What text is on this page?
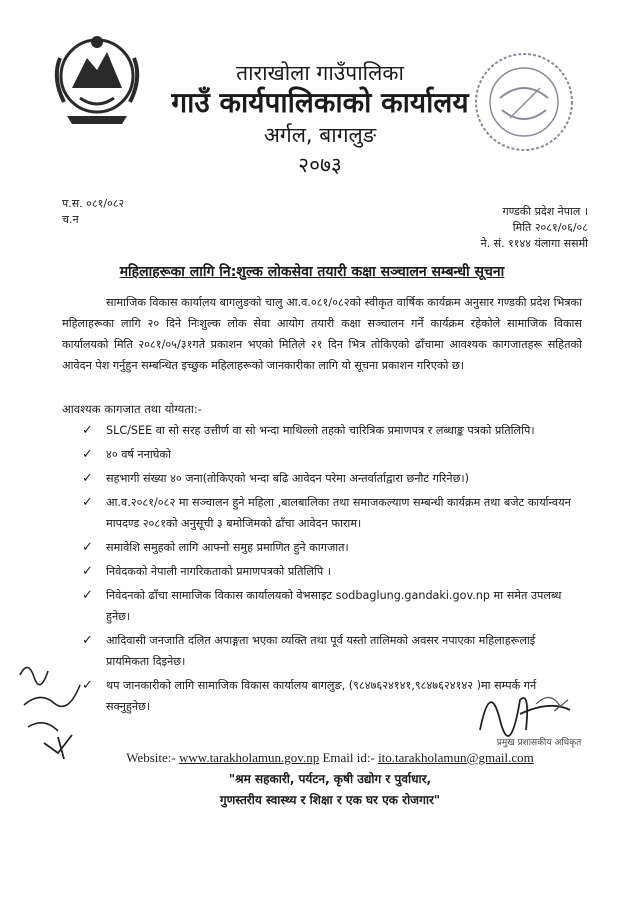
ताराखोला गाउँपालिका
गाउँ कार्यपालिकाको कार्यालय
अर्गल, बागलुङ
२०७३
प.स. ०८१/०८२
च.न
गण्डकी प्रदेश नेपाल ।
मिति २०८१/०६/०८
ने. सं. ११४४ यंलागा ससमी
महिलाहरूका लागि नि:शुल्क लोकसेवा तयारी कक्षा सञ्चालन सम्बन्धी सूचना
सामाजिक विकास कार्यालय बागलुङको चालु आ.व.०८१/०८२को स्वीकृत वार्षिक कार्यक्रम अनुसार गण्डकी प्रदेश भित्रका महिलाहरूका लागि २० दिने निःशुल्क लोक सेवा आयोग तयारी कक्षा सञ्चालन गर्ने कार्यक्रम रहेकोले सामाजिक विकास कार्यालयको मिति २०८१/०५/३१गते प्रकाशन भएको मितिले २१ दिन भित्र तोकिएको ढाँचामा आवश्यक कागजातहरू सहितको आवेदन पेश गर्नुहुन सम्बन्धित इच्छुक महिलाहरूको जानकारीका लागि यो सूचना प्रकाशन गरिएको छ।
आवश्यक कागजात तथा योग्यता:-
✓ SLC/SEE वा सो सरह उत्तीर्ण वा सो भन्दा माथिल्लो तहको चारित्रिक प्रमाणपत्र र लब्धाङ्क पत्रको प्रतिलिपि।
✓ ४० वर्ष ननाघेको
✓ सहभागी संख्या ४० जना(तोकिएको भन्दा बढि आवेदन परेमा अन्तर्वार्ताद्वारा छनौट गरिनेछ।)
✓ आ.व.२०८१/०८२ मा सञ्चालन हुने महिला ,बालबालिका तथा समाजकल्याण सम्बन्धी कार्यक्रम तथा बजेट कार्यान्वयन मापदण्ड २०८१को अनुसूची ३ बमोजिमको ढाँचा आवेदन फाराम।
✓ समावेशि समुहको लागि आफ्नो समुह प्रमाणित हुने कागजात।
✓ निवेदकको नेपाली नागरिकताको प्रमाणपत्रको प्रतिलिपि ।
✓ निवेदनको ढाँचा सामाजिक विकास कार्यालयको वेभसाइट sodbaglung.gandaki.gov.np मा समेत उपलब्ध हुनेछ।
✓ आदिवासी जनजाति दलित अपाङ्गता भएका व्यक्ति तथा पूर्व यस्तो तालिमको अवसर नपाएका महिलाहरूलाई प्रायमिकता दिइनेछ।
✓ थप जानकारीको लागि सामाजिक विकास कार्यालय बागलुङ, (९८४७६२४१४१,९८४७६२४१४२ )मा सम्पर्क गर्न सक्नुहुनेछ।
प्रमुख प्रशासकीय अधिकृत
Website:- www.tarakholamun.gov.np Email id:- ito.tarakholamun@gmail.com
"श्रम सहकारी, पर्यटन, कृषी उद्योग र पुर्वाधार,
गुणस्तरीय स्वास्थ्य र शिक्षा र एक घर एक रोजगार"
